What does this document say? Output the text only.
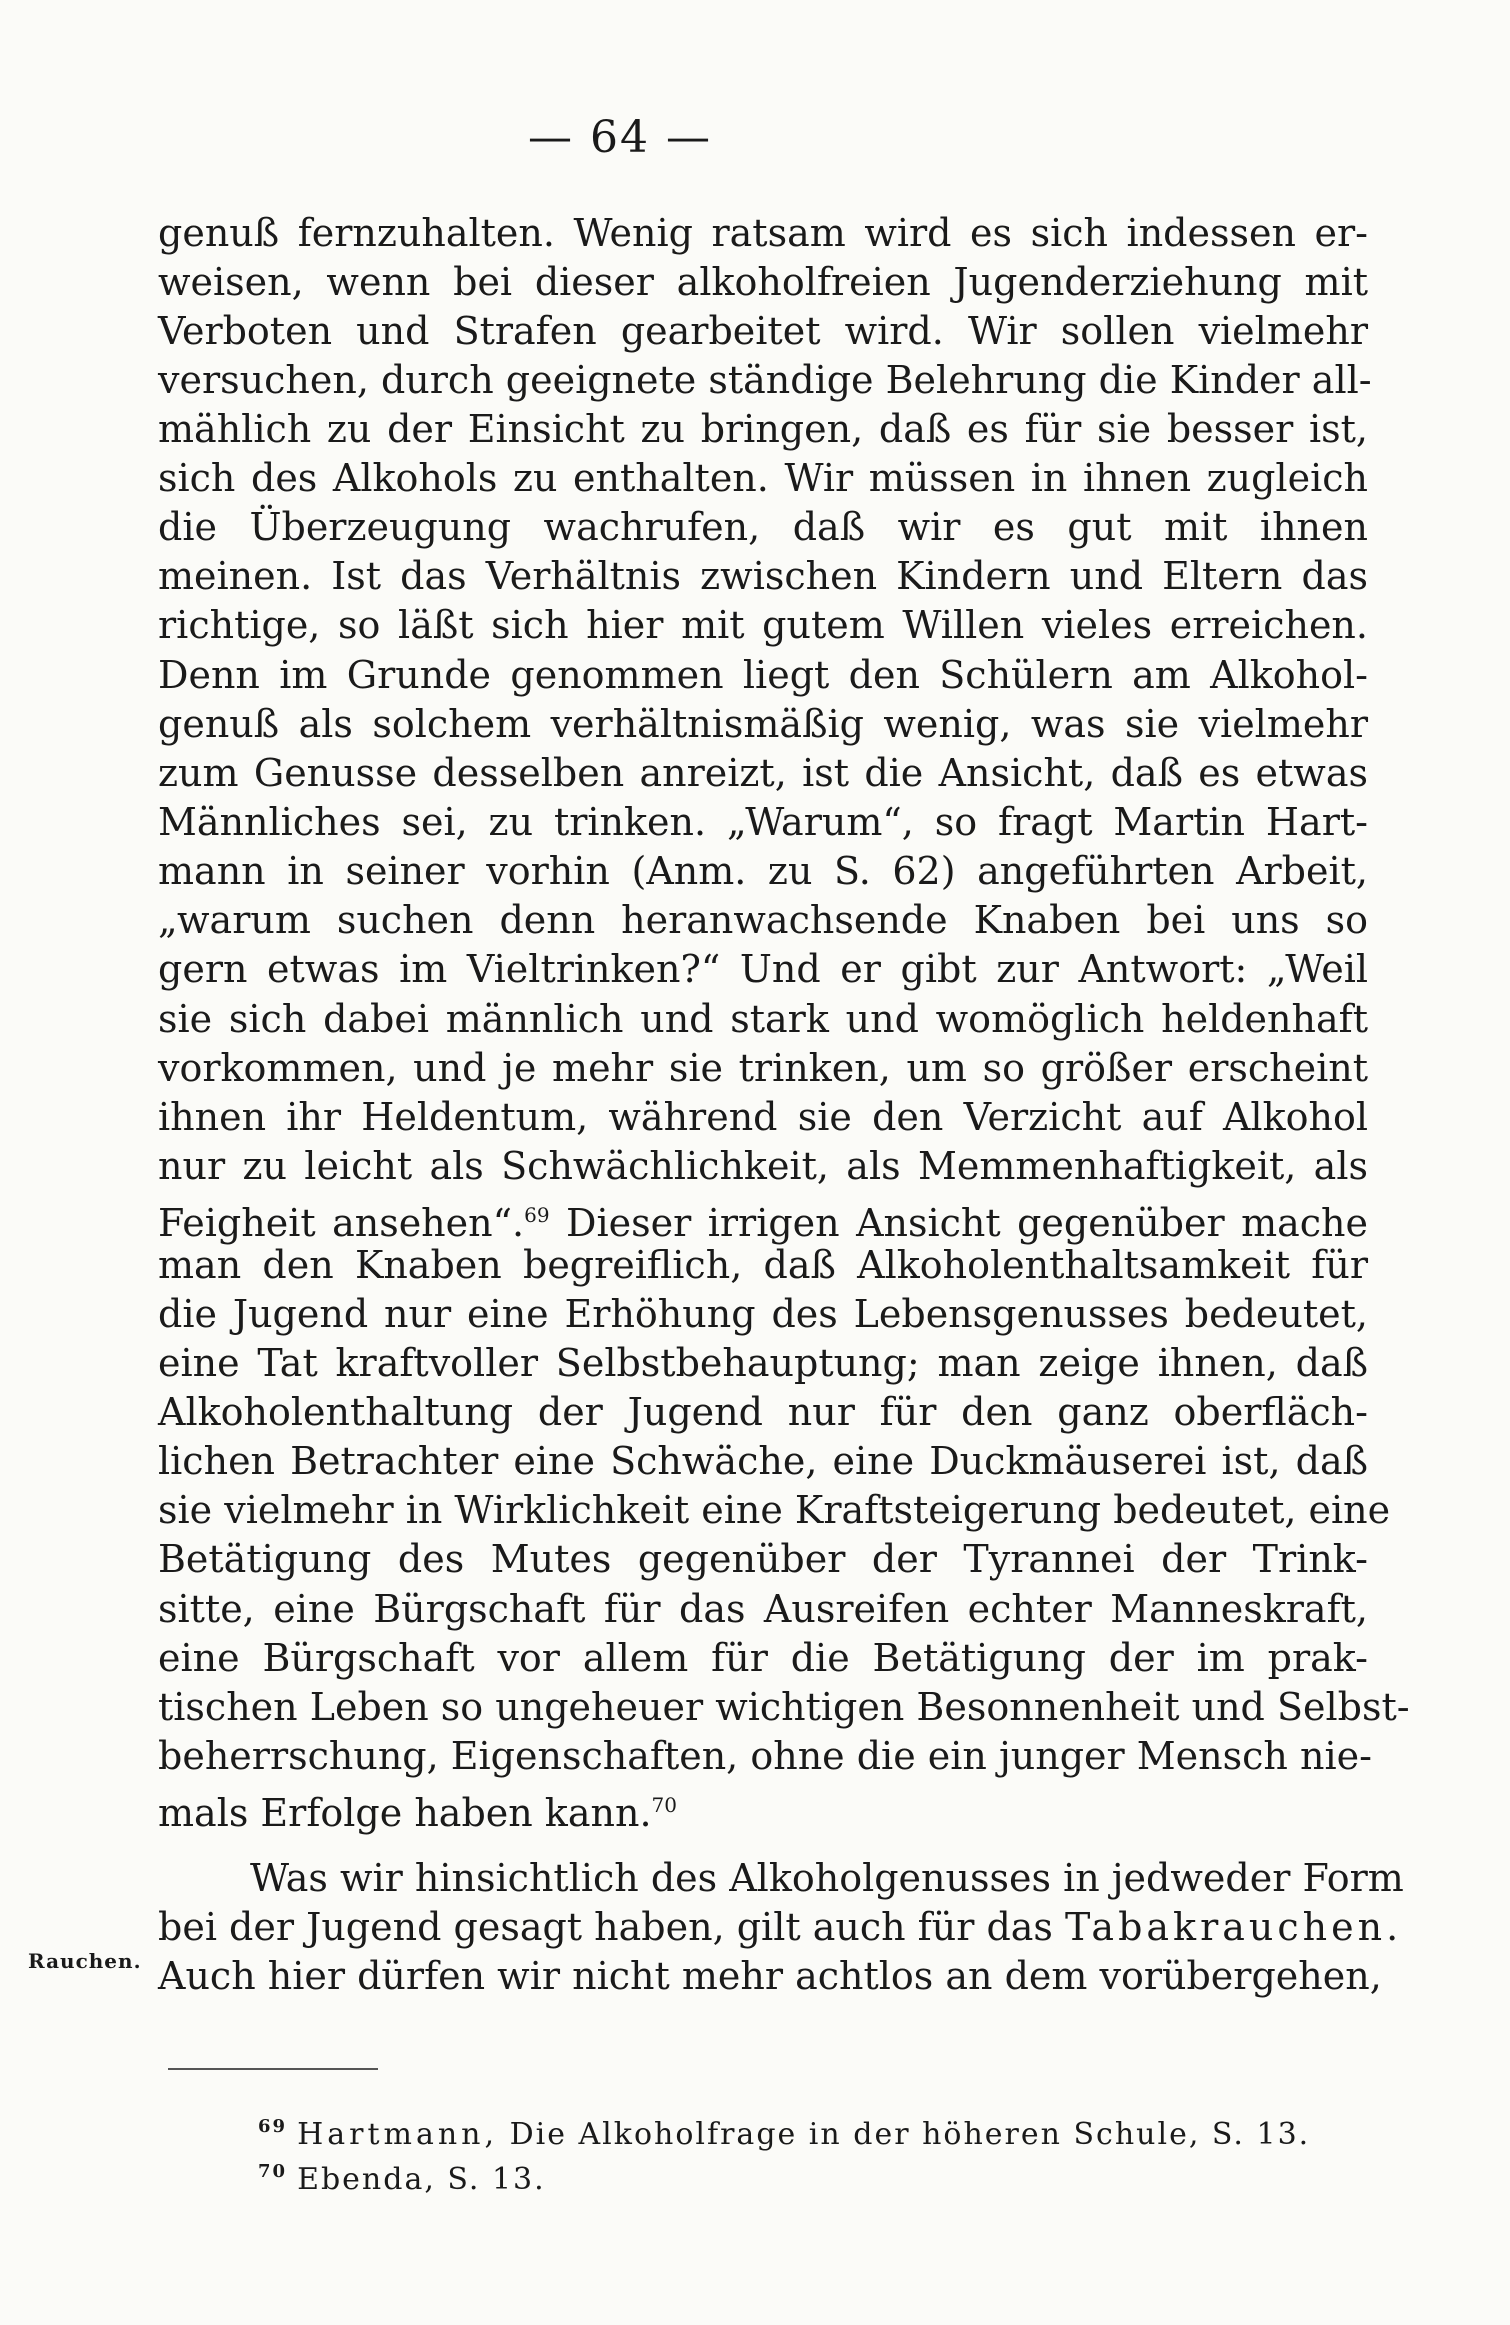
— 64 —
genuß fernzuhalten. Wenig ratsam wird es sich indessen er-
weisen, wenn bei dieser alkoholfreien Jugenderziehung mit
Verboten und Strafen gearbeitet wird. Wir sollen vielmehr
versuchen, durch geeignete ständige Belehrung die Kinder all-
mählich zu der Einsicht zu bringen, daß es für sie besser ist,
sich des Alkohols zu enthalten. Wir müssen in ihnen zugleich
die Überzeugung wachrufen, daß wir es gut mit ihnen
meinen. Ist das Verhältnis zwischen Kindern und Eltern das
richtige, so läßt sich hier mit gutem Willen vieles erreichen.
Denn im Grunde genommen liegt den Schülern am Alkohol-
genuß als solchem verhältnismäßig wenig, was sie vielmehr
zum Genusse desselben anreizt, ist die Ansicht, daß es etwas
Männliches sei, zu trinken. „Warum“, so fragt Martin Hart-
mann in seiner vorhin (Anm. zu S. 62) angeführten Arbeit,
„warum suchen denn heranwachsende Knaben bei uns so
gern etwas im Vieltrinken?“ Und er gibt zur Antwort: „Weil
sie sich dabei männlich und stark und womöglich heldenhaft
vorkommen, und je mehr sie trinken, um so größer erscheint
ihnen ihr Heldentum, während sie den Verzicht auf Alkohol
nur zu leicht als Schwächlichkeit, als Memmenhaftigkeit, als
Feigheit ansehen“.$^{69}$ Dieser irrigen Ansicht gegenüber mache
man den Knaben begreiflich, daß Alkoholenthaltsamkeit für
die Jugend nur eine Erhöhung des Lebensgenusses bedeutet,
eine Tat kraftvoller Selbstbehauptung; man zeige ihnen, daß
Alkoholenthaltung der Jugend nur für den ganz oberfläch-
lichen Betrachter eine Schwäche, eine Duckmäuserei ist, daß
sie vielmehr in Wirklichkeit eine Kraftsteigerung bedeutet, eine
Betätigung des Mutes gegenüber der Tyrannei der Trink-
sitte, eine Bürgschaft für das Ausreifen echter Manneskraft,
eine Bürgschaft vor allem für die Betätigung der im prak-
tischen Leben so ungeheuer wichtigen Besonnenheit und Selbst-
beherrschung, Eigenschaften, ohne die ein junger Mensch nie-
mals Erfolge haben kann.$^{70}$
Was wir hinsichtlich des Alkoholgenusses in jedweder Form
bei der Jugend gesagt haben, gilt auch für das Tabakrauchen.
Auch hier dürfen wir nicht mehr achtlos an dem vorübergehen,
Rauchen.
$^{69}$ Hartmann, Die Alkoholfrage in der höheren Schule, S. 13.
$^{70}$ Ebenda, S. 13.
